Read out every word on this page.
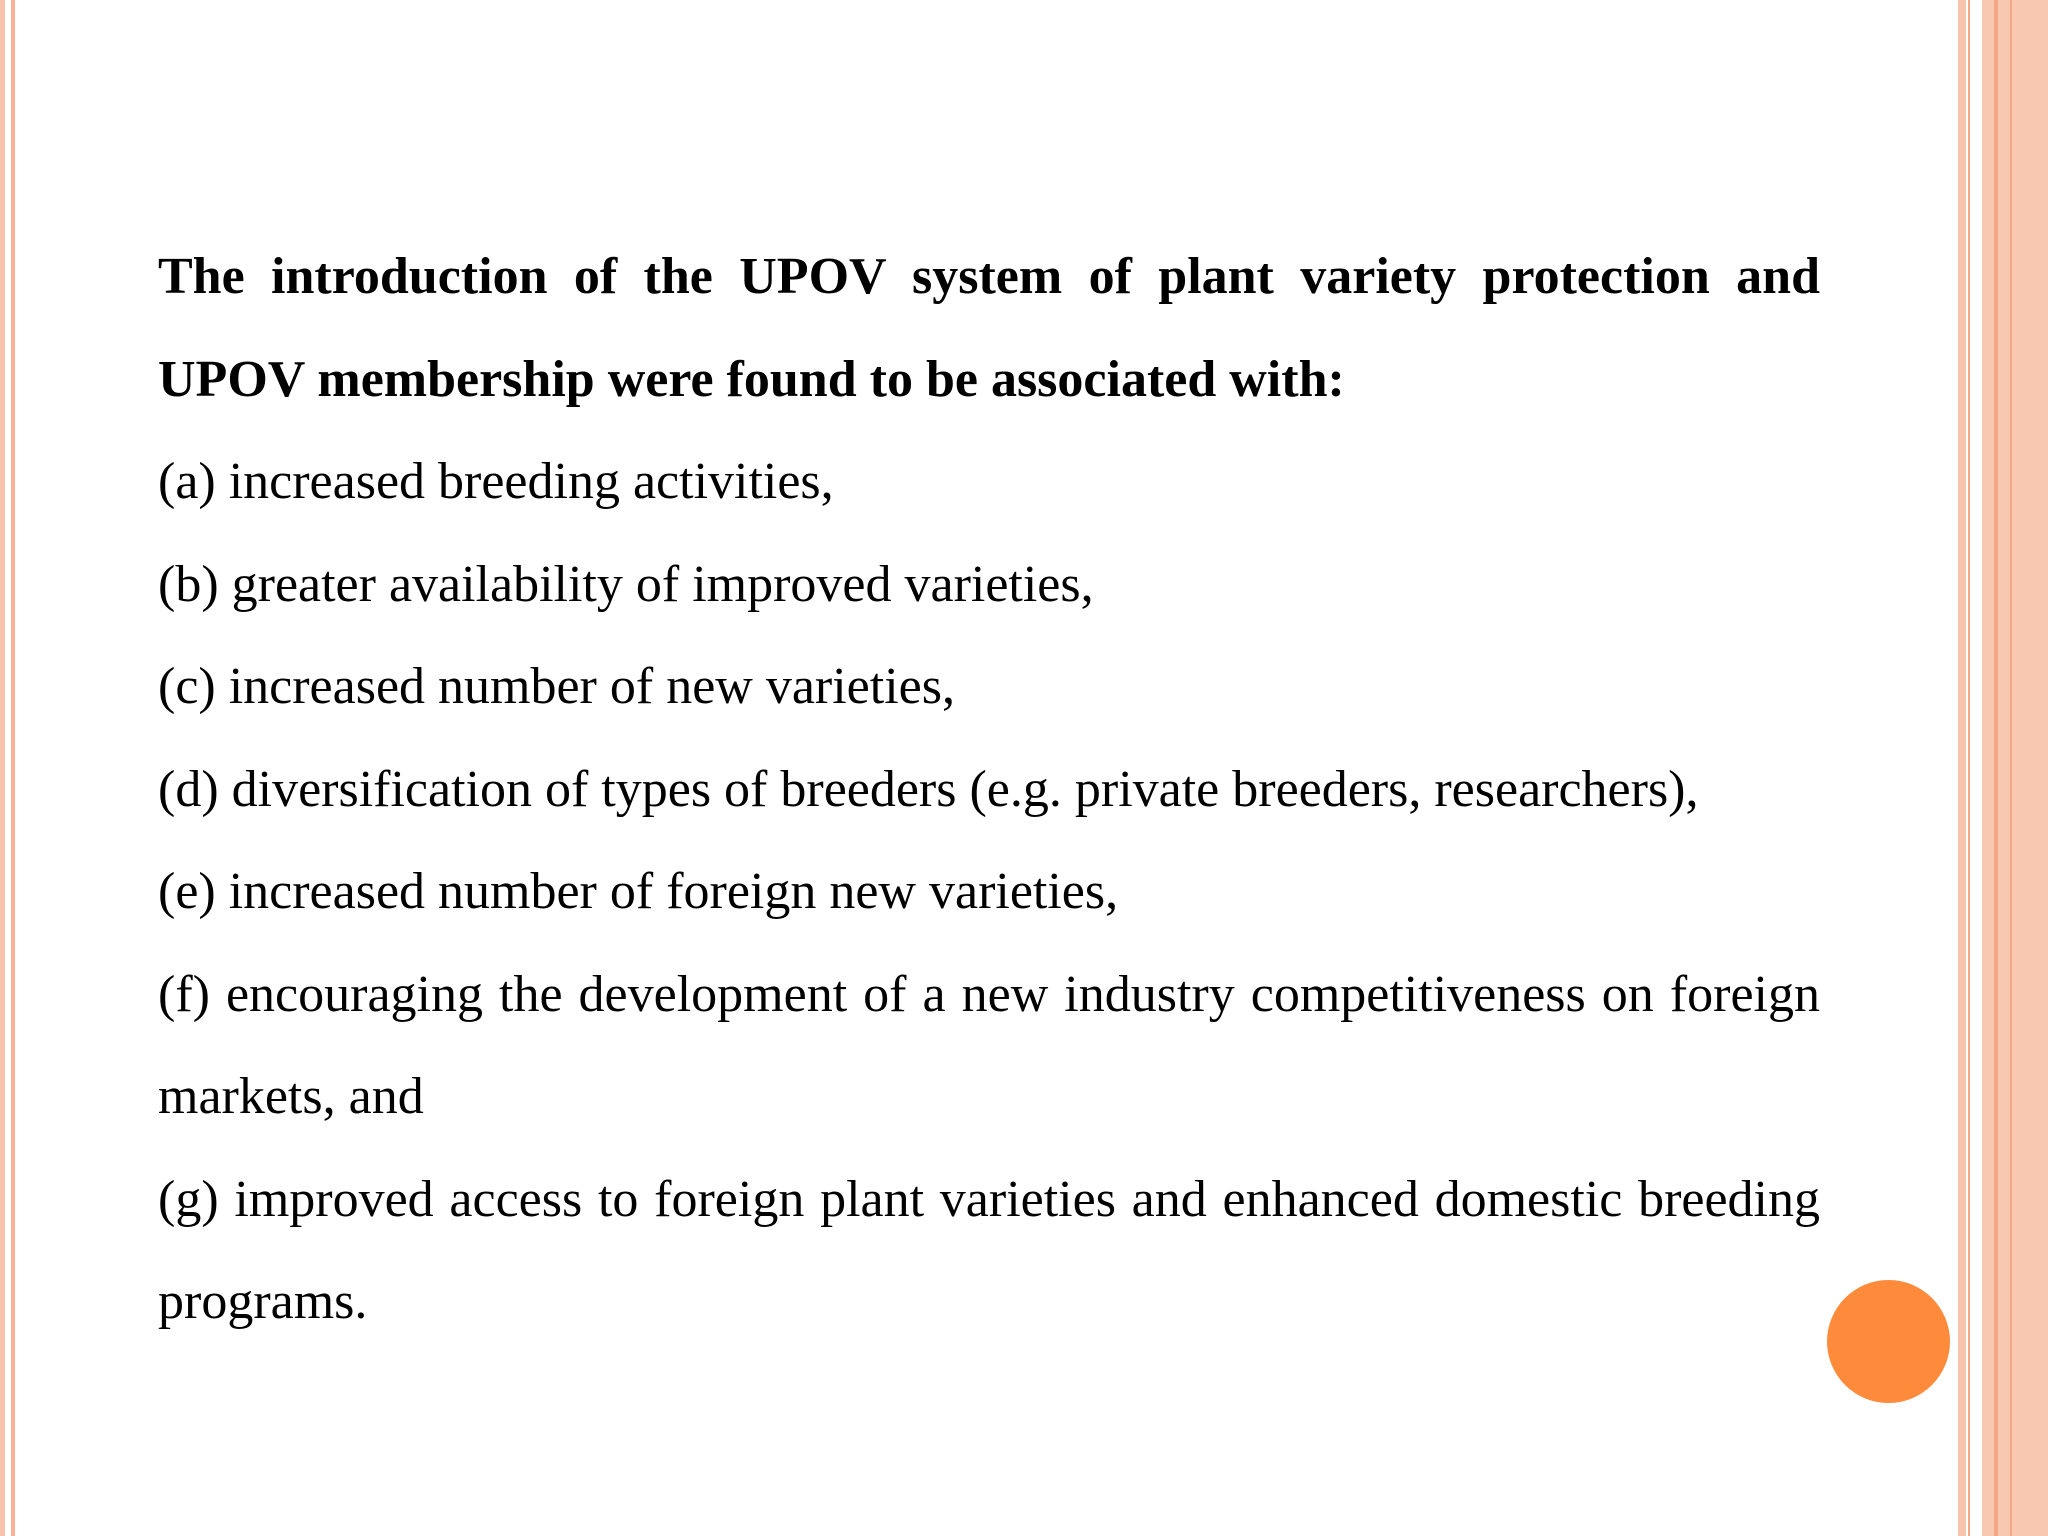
The introduction of the UPOV system of plant variety protection and UPOV membership were found to be associated with:

(a) increased breeding activities,

(b) greater availability of improved varieties,

(c) increased number of new varieties,

(d) diversification of types of breeders (e.g. private breeders, researchers),

(e) increased number of foreign new varieties,

(f) encouraging the development of a new industry competitiveness on foreign markets, and

(g) improved access to foreign plant varieties and enhanced domestic breeding programs.
